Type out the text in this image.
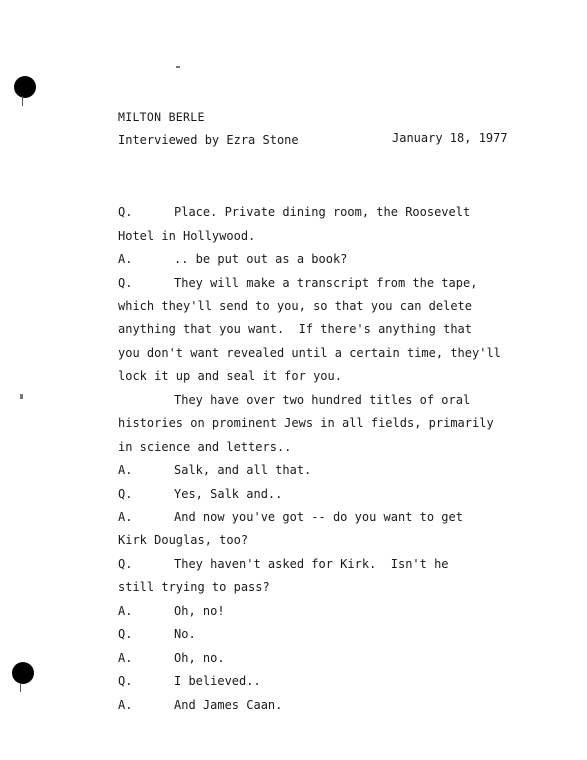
MILTON BERLE
Interviewed by Ezra Stone	January 18, 1977
Q.	Place. Private dining room, the Roosevelt
Hotel in Hollywood.
A.	.. be put out as a book?
Q.	They will make a transcript from the tape,
which they'll send to you, so that you can delete
anything that you want.  If there's anything that
you don't want revealed until a certain time, they'll
lock it up and seal it for you.
They have over two hundred titles of oral
histories on prominent Jews in all fields, primarily
in science and letters..
A.	Salk, and all that.
Q.	Yes, Salk and..
A.	And now you've got -- do you want to get
Kirk Douglas, too?
Q.	They haven't asked for Kirk.  Isn't he
still trying to pass?
A.	Oh, no!
Q.	No.
A.	Oh, no.
Q.	I believed..
A.	And James Caan.
